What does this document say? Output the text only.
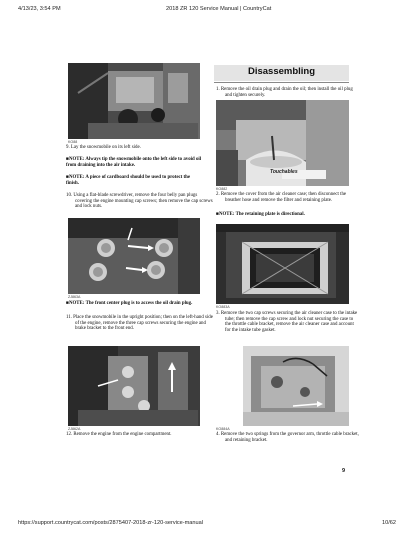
4/13/23, 3:54 PM	2018 ZR 120 Service Manual | CountryCat
KO88

9. Lay the snowmobile on its left side.

■NOTE: Always tip the snowmobile onto the left side to avoid oil from draining into the air intake.

■NOTE: A piece of cardboard should be used to protect the finish.

10. Using a flat-blade screwdriver, remove the four belly pan plugs covering the engine mounting cap screws; then remove the cap screws and lock nuts.

ZJ863A

■NOTE: The front center plug is to access the oil drain plug.

11. Place the snowmobile in the upright position; then on the left-hand side of the engine, remove the three cap screws securing the engine and brake bracket to the front end.

ZJ862A

12. Remove the engine from the engine compartment.

Disassembling

1. Remove the oil drain plug and drain the oil; then install the oil plug and tighten securely.

Touchables
KO882

2. Remove the cover from the air cleaner case; then disconnect the breather hose and remove the filter and retaining plate.

■NOTE: The retaining plate is directional.

KO883A

3. Remove the two cap screws securing the air cleaner case to the intake tube; then remove the cap screw and lock nut securing the case to the throttle cable bracket, remove the air cleaner case and account for the intake tube gasket.

KO884A

4. Remove the two springs from the governor arm, throttle cable bracket, and retaining bracket.

9
https://support.countrycat.com/posts/2875407-2018-zr-120-service-manual	10/62
